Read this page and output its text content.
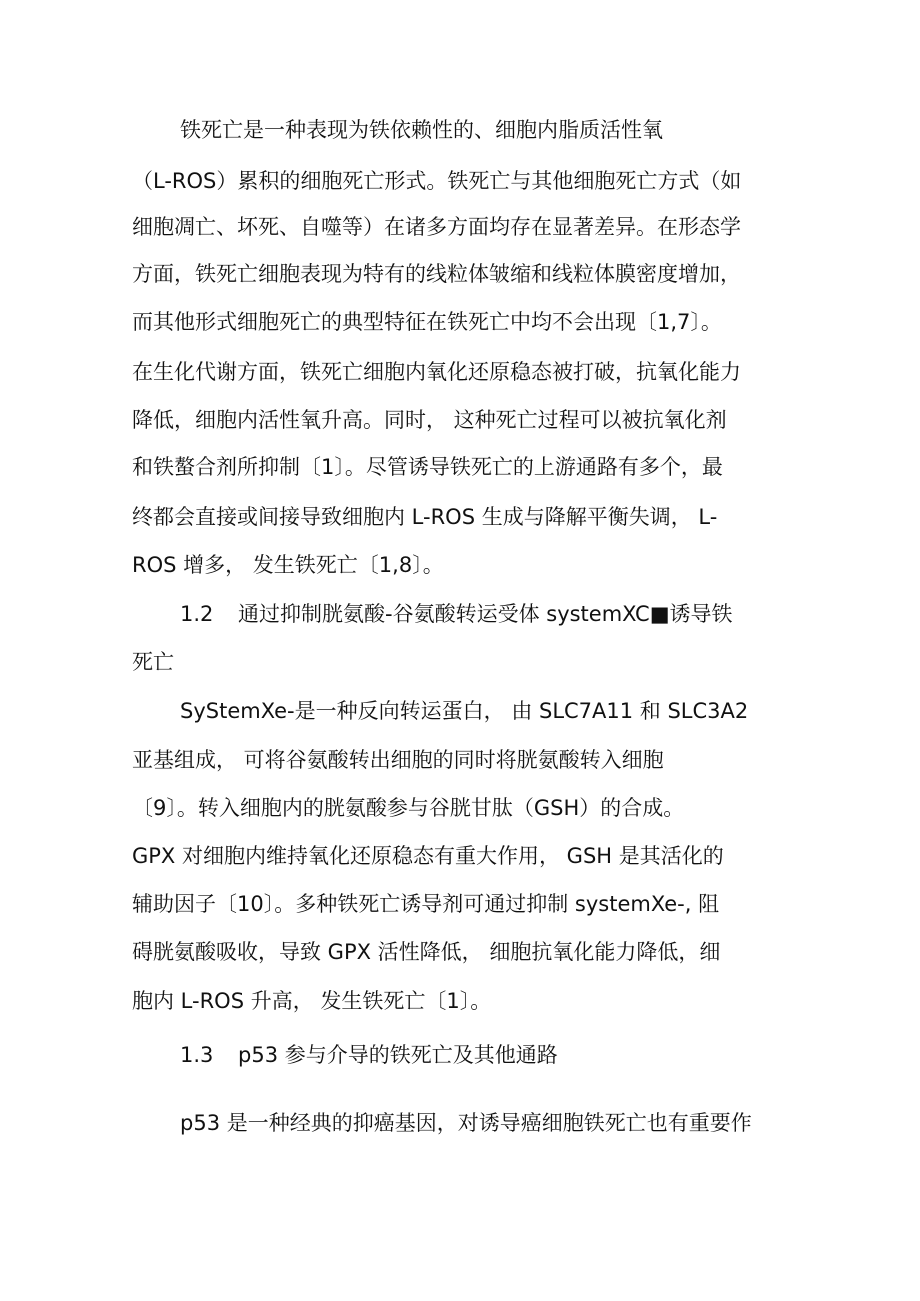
铁死亡是一种表现为铁依赖性的、细胞内脂质活性氧
（L-ROS）累积的细胞死亡形式。铁死亡与其他细胞死亡方式（如
细胞凋亡、坏死、自噬等）在诸多方面均存在显著差异。在形态学
方面，铁死亡细胞表现为特有的线粒体皱缩和线粒体膜密度增加，
而其他形式细胞死亡的典型特征在铁死亡中均不会出现〔1,7〕。
在生化代谢方面，铁死亡细胞内氧化还原稳态被打破，抗氧化能力
降低，细胞内活性氧升高。同时， 这种死亡过程可以被抗氧化剂
和铁螯合剂所抑制〔1〕。尽管诱导铁死亡的上游通路有多个，最
终都会直接或间接导致细胞内 L-ROS 生成与降解平衡失调， L-
ROS 增多， 发生铁死亡〔1,8〕。
1.2 通过抑制胱氨酸-谷氨酸转运受体 systemXC■诱导铁
死亡
SyStemXe-是一种反向转运蛋白， 由 SLC7A11 和 SLC3A2
亚基组成， 可将谷氨酸转出细胞的同时将胱氨酸转入细胞
〔9〕。转入细胞内的胱氨酸参与谷胱甘肽（GSH）的合成。
GPX 对细胞内维持氧化还原稳态有重大作用， GSH 是其活化的
辅助因子〔10〕。多种铁死亡诱导剂可通过抑制 systemXe-, 阻
碍胱氨酸吸收，导致 GPX 活性降低， 细胞抗氧化能力降低，细
胞内 L-ROS 升高， 发生铁死亡〔1〕。
1.3 p53 参与介导的铁死亡及其他通路
p53 是一种经典的抑癌基因，对诱导癌细胞铁死亡也有重要作
